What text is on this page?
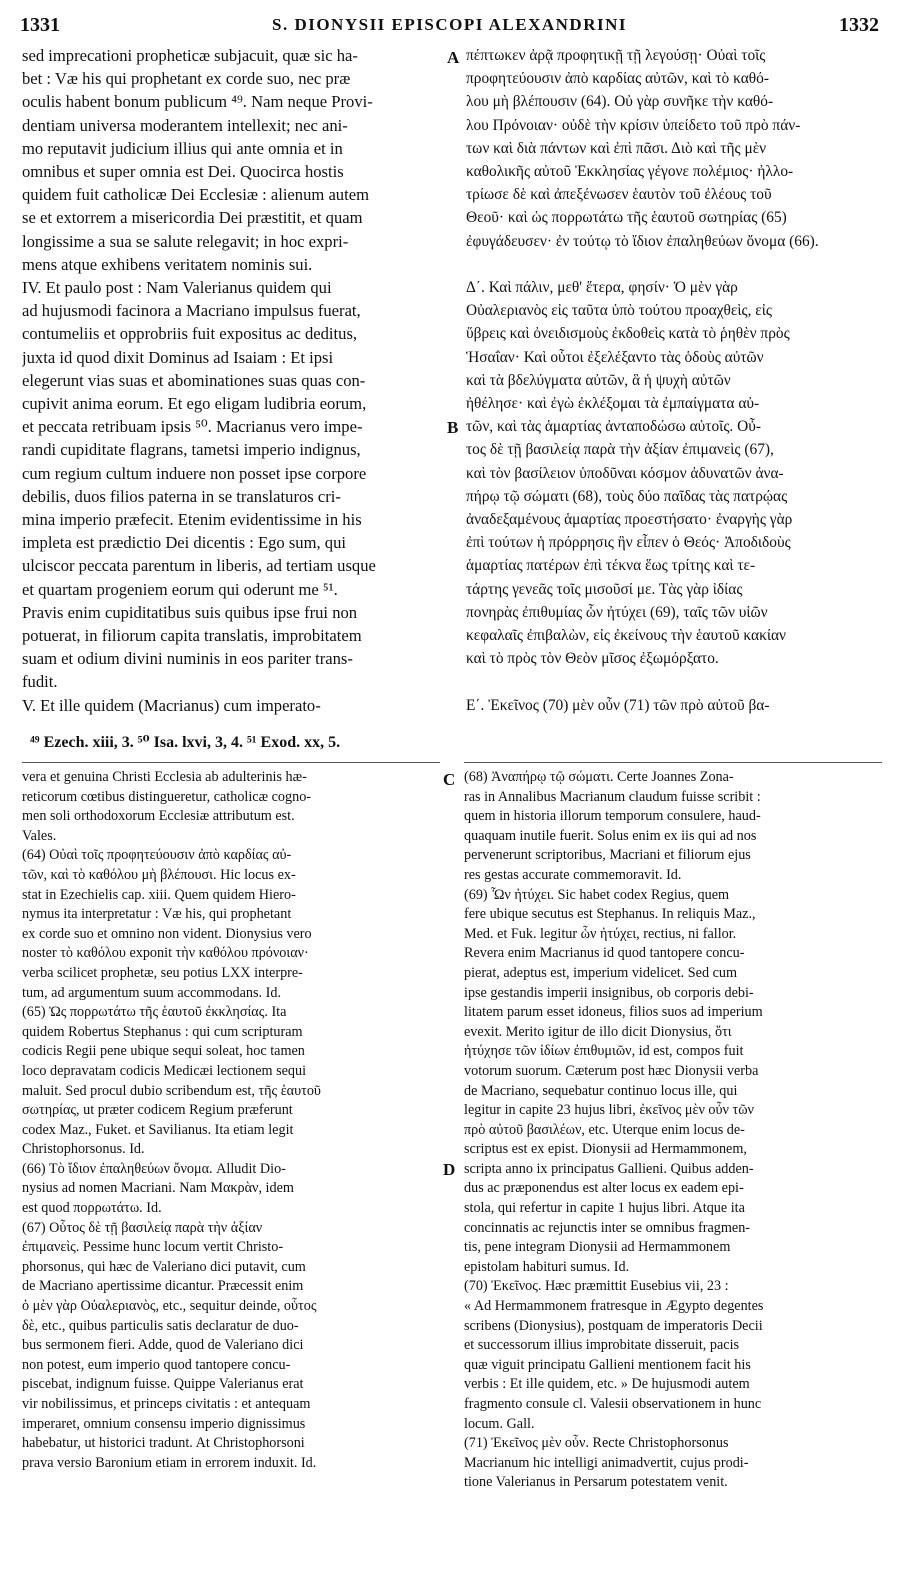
1331	S. DIONYSII EPISCOPI ALEXANDRINI	1332
sed imprecationi propheticæ subjacuit, quæ sic ha-
bet : Væ his qui prophetant ex corde suo, nec præ
oculis habent bonum publicum ⁴⁹. Nam neque Provi-
dentiam universa moderantem intellexit; nec ani-
mo reputavit judicium illius qui ante omnia et in
omnibus et super omnia est Dei. Quocirca hostis
quidem fuit catholicæ Dei Ecclesiæ : alienum autem
se et extorrem a misericordia Dei præstitit, et quam
longissime a sua se salute relegavit; in hoc expri-
mens atque exhibens veritatem nominis sui.
IV. Et paulo post : Nam Valerianus quidem qui
ad hujusmodi facinora a Macriano impulsus fuerat,
contumeliis et opprobriis fuit expositus ac deditus,
juxta id quod dixit Dominus ad Isaiam : Et ipsi
elegerunt vias suas et abominationes suas quas con-
cupivit anima eorum. Et ego eligam ludibria eorum,
et peccata retribuam ipsis ⁵⁰. Macrianus vero impe-
randi cupiditate flagrans, tametsi imperio indignus,
cum regium cultum induere non posset ipse corpore
debilis, duos filios paterna in se translaturos cri-
mina imperio præfecit. Etenim evidentissime in his
impleta est prædictio Dei dicentis : Ego sum, qui
ulciscor peccata parentum in liberis, ad tertiam usque
et quartam progeniem eorum qui oderunt me ⁵¹.
Pravis enim cupiditatibus suis quibus ipse frui non
potuerat, in filiorum capita translatis, improbitatem
suam et odium divini numinis in eos pariter trans-
fudit.
V. Et ille quidem (Macrianus) cum imperato-
πέπτωκεν ἀρᾷ προφητικῇ τῇ λεγούσῃ· Οὐαὶ τοῖς
προφητεύουσιν ἀπὸ καρδίας αὐτῶν, καὶ τὸ καθό-
λου μὴ βλέπουσιν (64). Οὐ γὰρ συνῆκε τὴν καθό-
λου Πρόνοιαν· οὐδὲ τὴν κρίσιν ὑπείδετο τοῦ πρὸ πάν-
των καὶ διὰ πάντων καὶ ἐπὶ πᾶσι. Διὸ καὶ τῆς μὲν
καθολικῆς αὐτοῦ Ἐκκλησίας γέγονε πολέμιος· ἠλλο-
τρίωσε δὲ καὶ ἀπεξένωσεν ἑαυτὸν τοῦ ἐλέους τοῦ
Θεοῦ· καὶ ὡς πορρωτάτω τῆς ἑαυτοῦ σωτηρίας (65)
ἐφυγάδευσεν· ἐν τούτῳ τὸ ἴδιον ἐπαληθεύων ὄνομα (66).

Δ΄. Καὶ πάλιν, μεθ' ἕτερα, φησίν· Ὁ μὲν γὰρ
Οὐαλεριανὸς εἰς ταῦτα ὑπὸ τούτου προαχθεὶς, εἰς
ὕβρεις καὶ ὀνειδισμοὺς ἐκδοθεὶς κατὰ τὸ ῥηθὲν πρὸς
Ἡσαΐαν· Καὶ οὗτοι ἐξελέξαντο τὰς ὁδοὺς αὐτῶν
καὶ τὰ βδελύγματα αὐτῶν, ἃ ἡ ψυχὴ αὐτῶν
ἠθέλησε· καὶ ἐγὼ ἐκλέξομαι τὰ ἐμπαίγματα αὐ-
τῶν, καὶ τὰς ἁμαρτίας ἀνταποδώσω αὐτοῖς. Οὖ-
τος δὲ τῇ βασιλείᾳ παρὰ τὴν ἀξίαν ἐπιμανεὶς (67),
καὶ τὸν βασίλειον ὑποδῦναι κόσμον ἀδυνατῶν ἀνα-
πήρῳ τῷ σώματι (68), τοὺς δύο παῖδας τὰς πατρῴας
ἀναδεξαμένους ἁμαρτίας προεστήσατο· ἐναργὴς γὰρ
ἐπὶ τούτων ἡ πρόρρησις ἣν εἶπεν ὁ Θεός· Ἀποδιδοὺς
ἁμαρτίας πατέρων ἐπὶ τέκνα ἕως τρίτης καὶ τε-
τάρτης γενεᾶς τοῖς μισοῦσί με. Τὰς γὰρ ἰδίας
πονηρὰς ἐπιθυμίας ὧν ἠτύχει (69), ταῖς τῶν υἱῶν
κεφαλαῖς ἐπιβαλὼν, εἰς ἐκείνους τὴν ἑαυτοῦ κακίαν
καὶ τὸ πρὸς τὸν Θεὸν μῖσος ἐξωμόρξατο.

Ε΄. Ἐκεῖνος (70) μὲν οὖν (71) τῶν πρὸ αὐτοῦ βα-
A
B
C
D
⁴⁹ Ezech. xiii, 3. ⁵⁰ Isa. lxvi, 3, 4. ⁵¹ Exod. xx, 5.
vera et genuina Christi Ecclesia ab adulterinis hæ-
reticorum cœtibus distingueretur, catholicæ cogno-
men soli orthodoxorum Ecclesiæ attributum est.
Vales.
(64) Οὐαὶ τοῖς προφητεύουσιν ἀπὸ καρδίας αὐ-
τῶν, καὶ τὸ καθόλου μὴ βλέπουσι. Hic locus ex-
stat in Ezechielis cap. xiii. Quem quidem Hiero-
nymus ita interpretatur : Væ his, qui prophetant
ex corde suo et omnino non vident. Dionysius vero
noster τὸ καθόλου exponit τὴν καθόλου πρόνοιαν·
verba scilicet prophetæ, seu potius LXX interpre-
tum, ad argumentum suum accommodans. Id.
(65) Ὡς πορρωτάτω τῆς ἑαυτοῦ ἐκκλησίας. Ita
quidem Robertus Stephanus : qui cum scripturam
codicis Regii pene ubique sequi soleat, hoc tamen
loco depravatam codicis Medicæi lectionem sequi
maluit. Sed procul dubio scribendum est, τῆς ἑαυτοῦ
σωτηρίας, ut præter codicem Regium præferunt
codex Maz., Fuket. et Savilianus. Ita etiam legit
Christophorsonus. Id.
(66) Τὸ ἴδιον ἐπαληθεύων ὄνομα. Alludit Dio-
nysius ad nomen Macriani. Nam Μακρὰν, idem
est quod πορρωτάτω. Id.
(67) Οὗτος δὲ τῇ βασιλείᾳ παρὰ τὴν ἀξίαν
ἐπιμανεὶς. Pessime hunc locum vertit Christo-
phorsonus, qui hæc de Valeriano dici putavit, cum
de Macriano apertissime dicantur. Præcessit enim
ὁ μὲν γὰρ Οὐαλεριανὸς, etc., sequitur deinde, οὗτος
δὲ, etc., quibus particulis satis declaratur de duo-
bus sermonem fieri. Adde, quod de Valeriano dici
non potest, eum imperio quod tantopere concu-
piscebat, indignum fuisse. Quippe Valerianus erat
vir nobilissimus, et princeps civitatis : et antequam
imperaret, omnium consensu imperio dignissimus
habebatur, ut historici tradunt. At Christophorsoni
prava versio Baronium etiam in errorem induxit. Id.
(68) Ἀναπήρῳ τῷ σώματι. Certe Joannes Zona-
ras in Annalibus Macrianum claudum fuisse scribit :
quem in historia illorum temporum consulere, haud-
quaquam inutile fuerit. Solus enim ex iis qui ad nos
pervenerunt scriptoribus, Macriani et filiorum ejus
res gestas accurate commemoravit. Id.
(69) Ὧν ἠτύχει. Sic habet codex Regius, quem
fere ubique secutus est Stephanus. In reliquis Maz.,
Med. et Fuk. legitur ὧν ἠτύχει, rectius, ni fallor.
Revera enim Macrianus id quod tantopere concu-
pierat, adeptus est, imperium videlicet. Sed cum
ipse gestandis imperii insignibus, ob corporis debi-
litatem parum esset idoneus, filios suos ad imperium
evexit. Merito igitur de illo dicit Dionysius, ὅτι
ἠτύχησε τῶν ἰδίων ἐπιθυμιῶν, id est, compos fuit
votorum suorum. Cæterum post hæc Dionysii verba
de Macriano, sequebatur continuo locus ille, qui
legitur in capite 23 hujus libri, ἐκεῖνος μὲν οὖν τῶν
πρὸ αὐτοῦ βασιλέων, etc. Uterque enim locus de-
scriptus est ex epist. Dionysii ad Hermammonem,
scripta anno ix principatus Gallieni. Quibus adden-
dus ac præponendus est alter locus ex eadem epi-
stola, qui refertur in capite 1 hujus libri. Atque ita
concinnatis ac rejunctis inter se omnibus fragmen-
tis, pene integram Dionysii ad Hermammonem
epistolam habituri sumus. Id.
(70) Ἐκεῖνος. Hæc præmittit Eusebius vii, 23 :
« Ad Hermammonem fratresque in Ægypto degentes
scribens (Dionysius), postquam de imperatoris Decii
et successorum illius improbitate disseruit, pacis
quæ viguit principatu Gallieni mentionem facit his
verbis : Et ille quidem, etc. » De hujusmodi autem
fragmento consule cl. Valesii observationem in hunc
locum. Gall.
(71) Ἐκεῖνος μὲν οὖν. Recte Christophorsonus
Macrianum hic intelligi animadvertit, cujus prodi-
tione Valerianus in Persarum potestatem venit.
